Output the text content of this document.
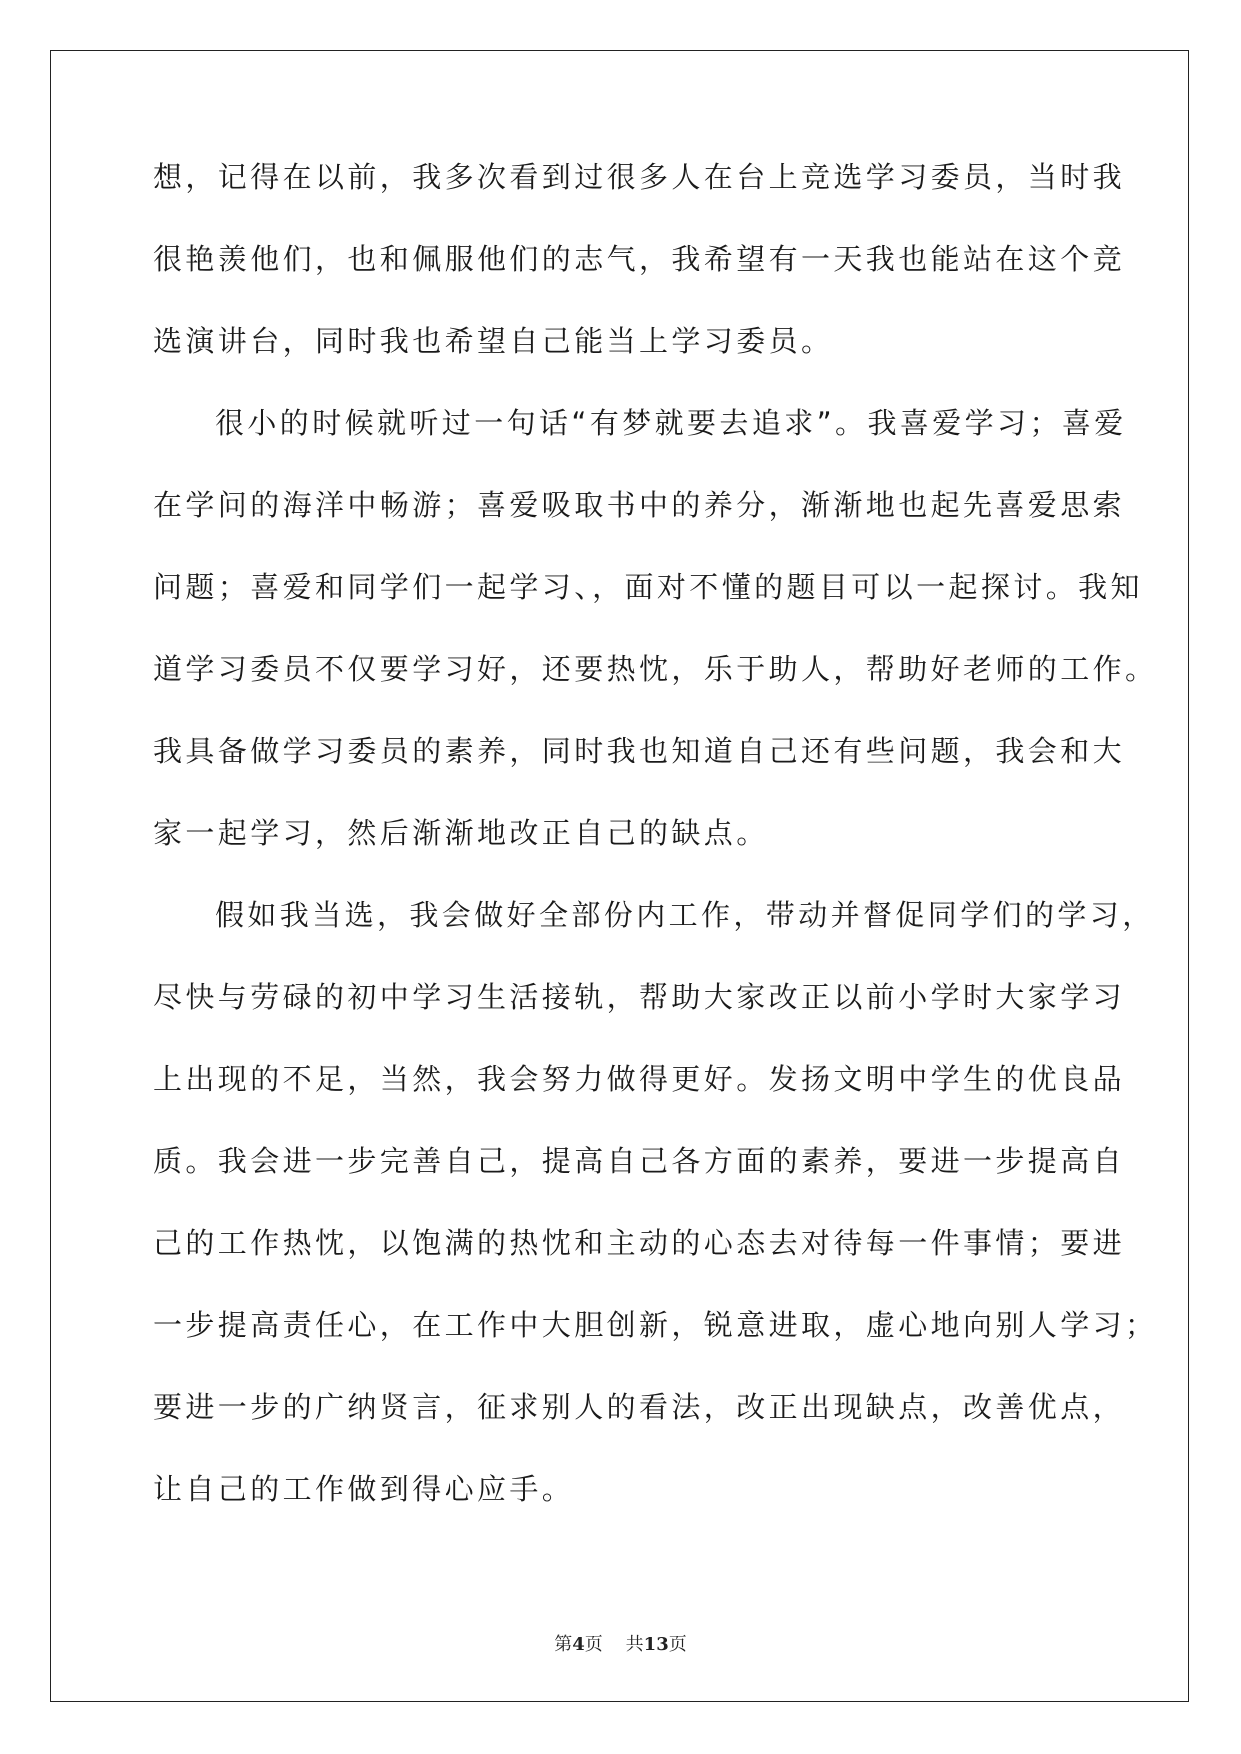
想，记得在以前，我多次看到过很多人在台上竞选学习委员，当时我
很艳羡他们，也和佩服他们的志气，我希望有一天我也能站在这个竞
选演讲台，同时我也希望自己能当上学习委员。
很小的时候就听过一句话“有梦就要去追求”。我喜爱学习；喜爱
在学问的海洋中畅游；喜爱吸取书中的养分，渐渐地也起先喜爱思索
问题；喜爱和同学们一起学习、，面对不懂的题目可以一起探讨。我知
道学习委员不仅要学习好，还要热忱，乐于助人，帮助好老师的工作。
我具备做学习委员的素养，同时我也知道自己还有些问题，我会和大
家一起学习，然后渐渐地改正自己的缺点。
假如我当选，我会做好全部份内工作，带动并督促同学们的学习，
尽快与劳碌的初中学习生活接轨，帮助大家改正以前小学时大家学习
上出现的不足，当然，我会努力做得更好。发扬文明中学生的优良品
质。我会进一步完善自己，提高自己各方面的素养，要进一步提高自
己的工作热忱，以饱满的热忱和主动的心态去对待每一件事情；要进
一步提高责任心，在工作中大胆创新，锐意进取，虚心地向别人学习；
要进一步的广纳贤言，征求别人的看法，改正出现缺点，改善优点，
让自己的工作做到得心应手。
第4页 共13页
